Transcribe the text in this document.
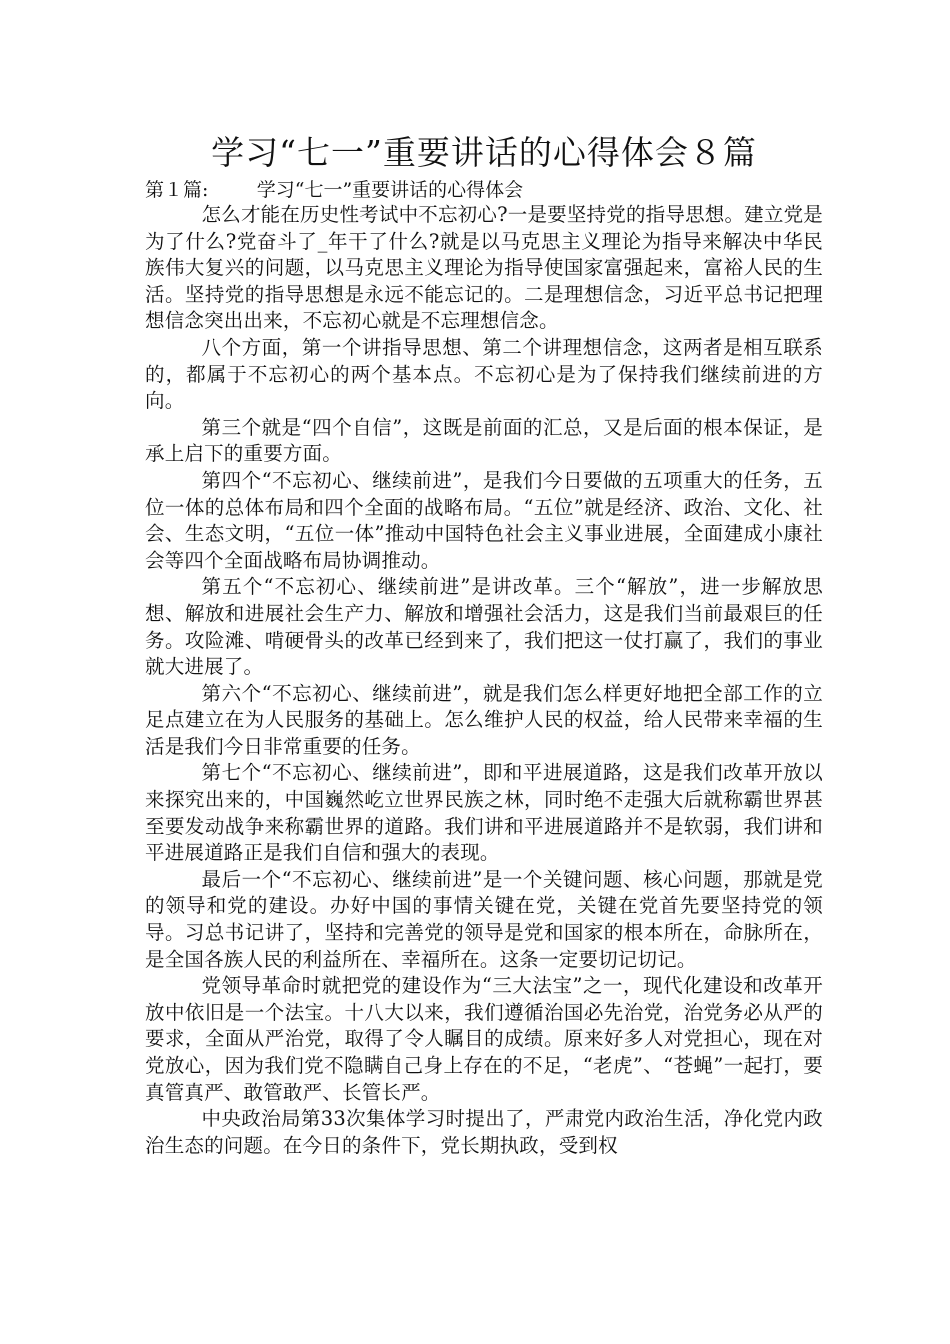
学习“七一”重要讲话的心得体会８篇

第１篇:	学习“七一”重要讲话的心得体会

怎么才能在历史性考试中不忘初心?一是要坚持党的指导思想。建立党是为了什么?党奋斗了_年干了什么?就是以马克思主义理论为指导来解决中华民族伟大复兴的问题，以马克思主义理论为指导使国家富强起来，富裕人民的生活。坚持党的指导思想是永远不能忘记的。二是理想信念，习近平总书记把理想信念突出出来，不忘初心就是不忘理想信念。

八个方面，第一个讲指导思想、第二个讲理想信念，这两者是相互联系的，都属于不忘初心的两个基本点。不忘初心是为了保持我们继续前进的方向。

第三个就是“四个自信”，这既是前面的汇总，又是后面的根本保证，是承上启下的重要方面。

第四个“不忘初心、继续前进”，是我们今日要做的五项重大的任务，五位一体的总体布局和四个全面的战略布局。“五位”就是经济、政治、文化、社会、生态文明，“五位一体”推动中国特色社会主义事业进展，全面建成小康社会等四个全面战略布局协调推动。

第五个“不忘初心、继续前进”是讲改革。三个“解放”，进一步解放思想、解放和进展社会生产力、解放和增强社会活力，这是我们当前最艰巨的任务。攻险滩、啃硬骨头的改革已经到来了，我们把这一仗打赢了，我们的事业就大进展了。

第六个“不忘初心、继续前进”，就是我们怎么样更好地把全部工作的立足点建立在为人民服务的基础上。怎么维护人民的权益，给人民带来幸福的生活是我们今日非常重要的任务。

第七个“不忘初心、继续前进”，即和平进展道路，这是我们改革开放以来探究出来的，中国巍然屹立世界民族之林，同时绝不走强大后就称霸世界甚至要发动战争来称霸世界的道路。我们讲和平进展道路并不是软弱，我们讲和平进展道路正是我们自信和强大的表现。

最后一个“不忘初心、继续前进”是一个关键问题、核心问题，那就是党的领导和党的建设。办好中国的事情关键在党，关键在党首先要坚持党的领导。习总书记讲了，坚持和完善党的领导是党和国家的根本所在，命脉所在，是全国各族人民的利益所在、幸福所在。这条一定要切记切记。

党领导革命时就把党的建设作为“三大法宝”之一，现代化建设和改革开放中依旧是一个法宝。十八大以来，我们遵循治国必先治党，治党务必从严的要求，全面从严治党，取得了令人瞩目的成绩。原来好多人对党担心，现在对党放心，因为我们党不隐瞒自己身上存在的不足，“老虎”、“苍蝇”一起打，要真管真严、敢管敢严、长管长严。

中央政治局第33次集体学习时提出了，严肃党内政治生活，净化党内政治生态的问题。在今日的条件下，党长期执政，受到权
